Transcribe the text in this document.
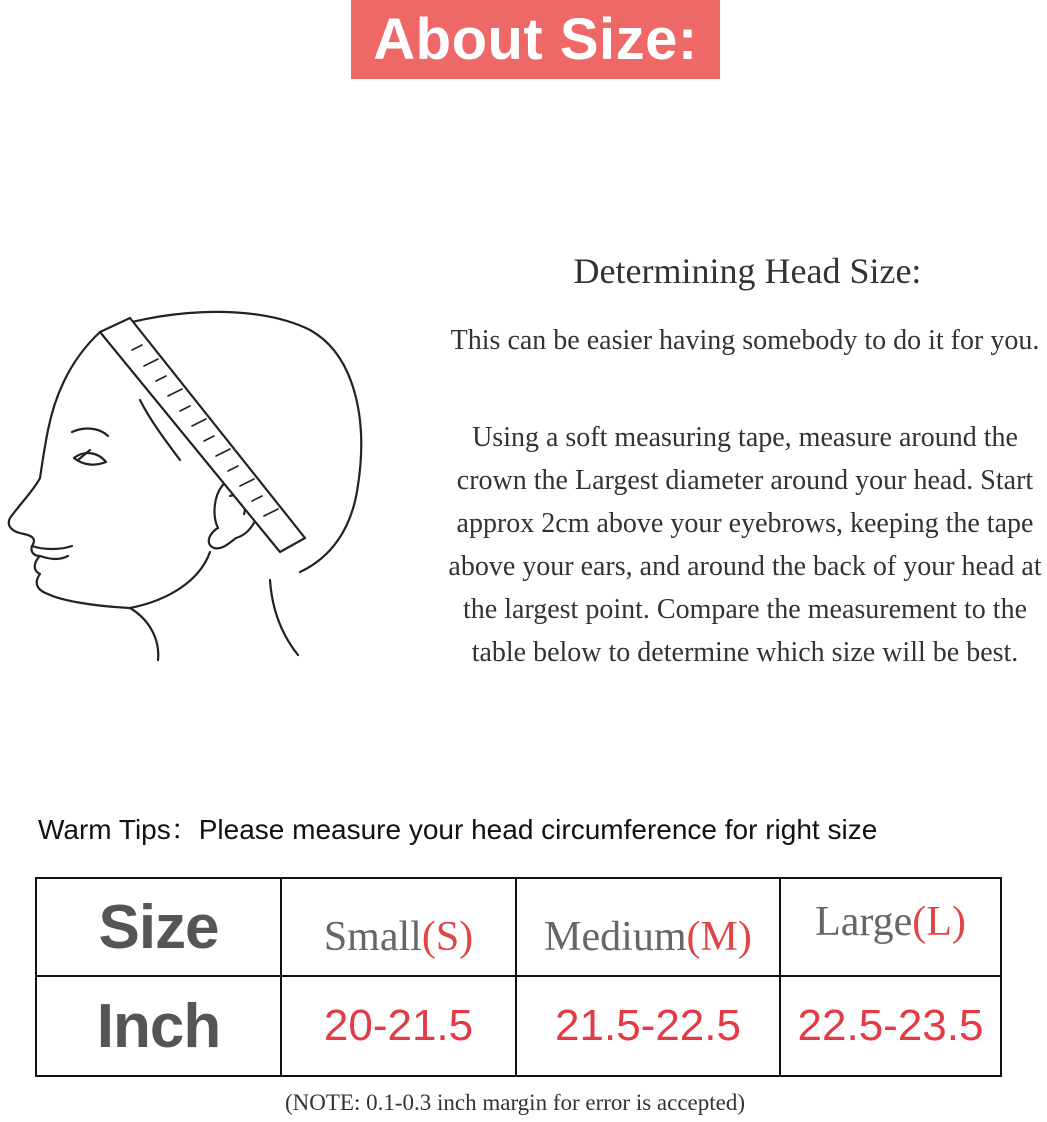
About Size:
Determining Head Size:
This can be easier having somebody to do it for you.
Using a soft measuring tape, measure around the crown the Largest diameter around your head. Start approx 2cm above your eyebrows, keeping the tape above your ears, and around the back of your head at the largest point. Compare the measurement to the table below to determine which size will be best.
Warm Tips：Please measure your head circumference for right size
Size	Small(S) Medium(M) Large(L)
Inch 20-21.5 21.5-22.5 22.5-23.5
(NOTE: 0.1-0.3 inch margin for error is accepted)
